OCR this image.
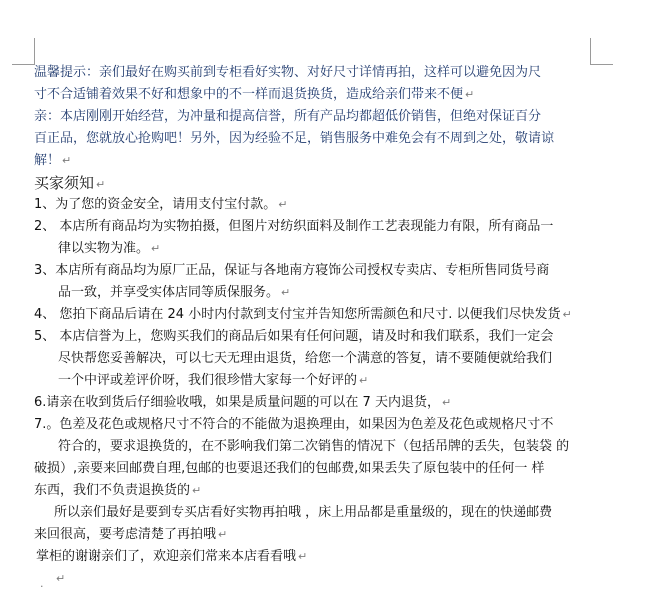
温馨提示：亲们最好在购买前到专柜看好实物、对好尺寸详情再拍，这样可以避免因为尺
寸不合适铺着效果不好和想象中的不一样而退货换货，造成给亲们带来不便 ↵
亲：本店刚刚开始经营，为冲量和提高信誉，所有产品均都超低价销售，但绝对保证百分
百正品，您就放心抢购吧！另外，因为经验不足，销售服务中难免会有不周到之处，敬请谅
解！ ↵
买家须知 ↵
1、为了您的资金安全，请用支付宝付款。 ↵
2、 本店所有商品均为实物拍摄，但图片对纺织面料及制作工艺表现能力有限，所有商品一
律以实物为准。 ↵
3、本店所有商品均为原厂正品，保证与各地南方寝饰公司授权专卖店、专柜所售同货号商
品一致，并享受实体店同等质保服务。 ↵
4、 您拍下商品后请在 24 小时内付款到支付宝并告知您所需颜色和尺寸. 以便我们尽快发货 ↵
5、 本店信誉为上，您购买我们的商品后如果有任何问题，请及时和我们联系，我们一定会
尽快帮您妥善解决，可以七天无理由退货，给您一个满意的答复，请不要随便就给我们
一个中评或差评价呀，我们很珍惜大家每一个好评的 ↵
6.请亲在收到货后仔细验收哦，如果是质量问题的可以在 7 天内退货， ↵
7.。色差及花色或规格尺寸不符合的不能做为退换理由，如果因为色差及花色或规格尺寸不
符合的，要求退换货的，在不影响我们第二次销售的情况下（包括吊牌的丢失，包装袋 的
破损）,亲要来回邮费自理,包邮的也要退还我们的包邮费,如果丢失了原包装中的任何一 样
东西，我们不负责退换货的 ↵
所以亲们最好是要到专买店看好实物再拍哦 ，床上用品都是重量级的，现在的快递邮费
来回很高，要考虑清楚了再拍哦 ↵
掌柜的谢谢亲们了，欢迎亲们常来本店看看哦 ↵
↵
·
